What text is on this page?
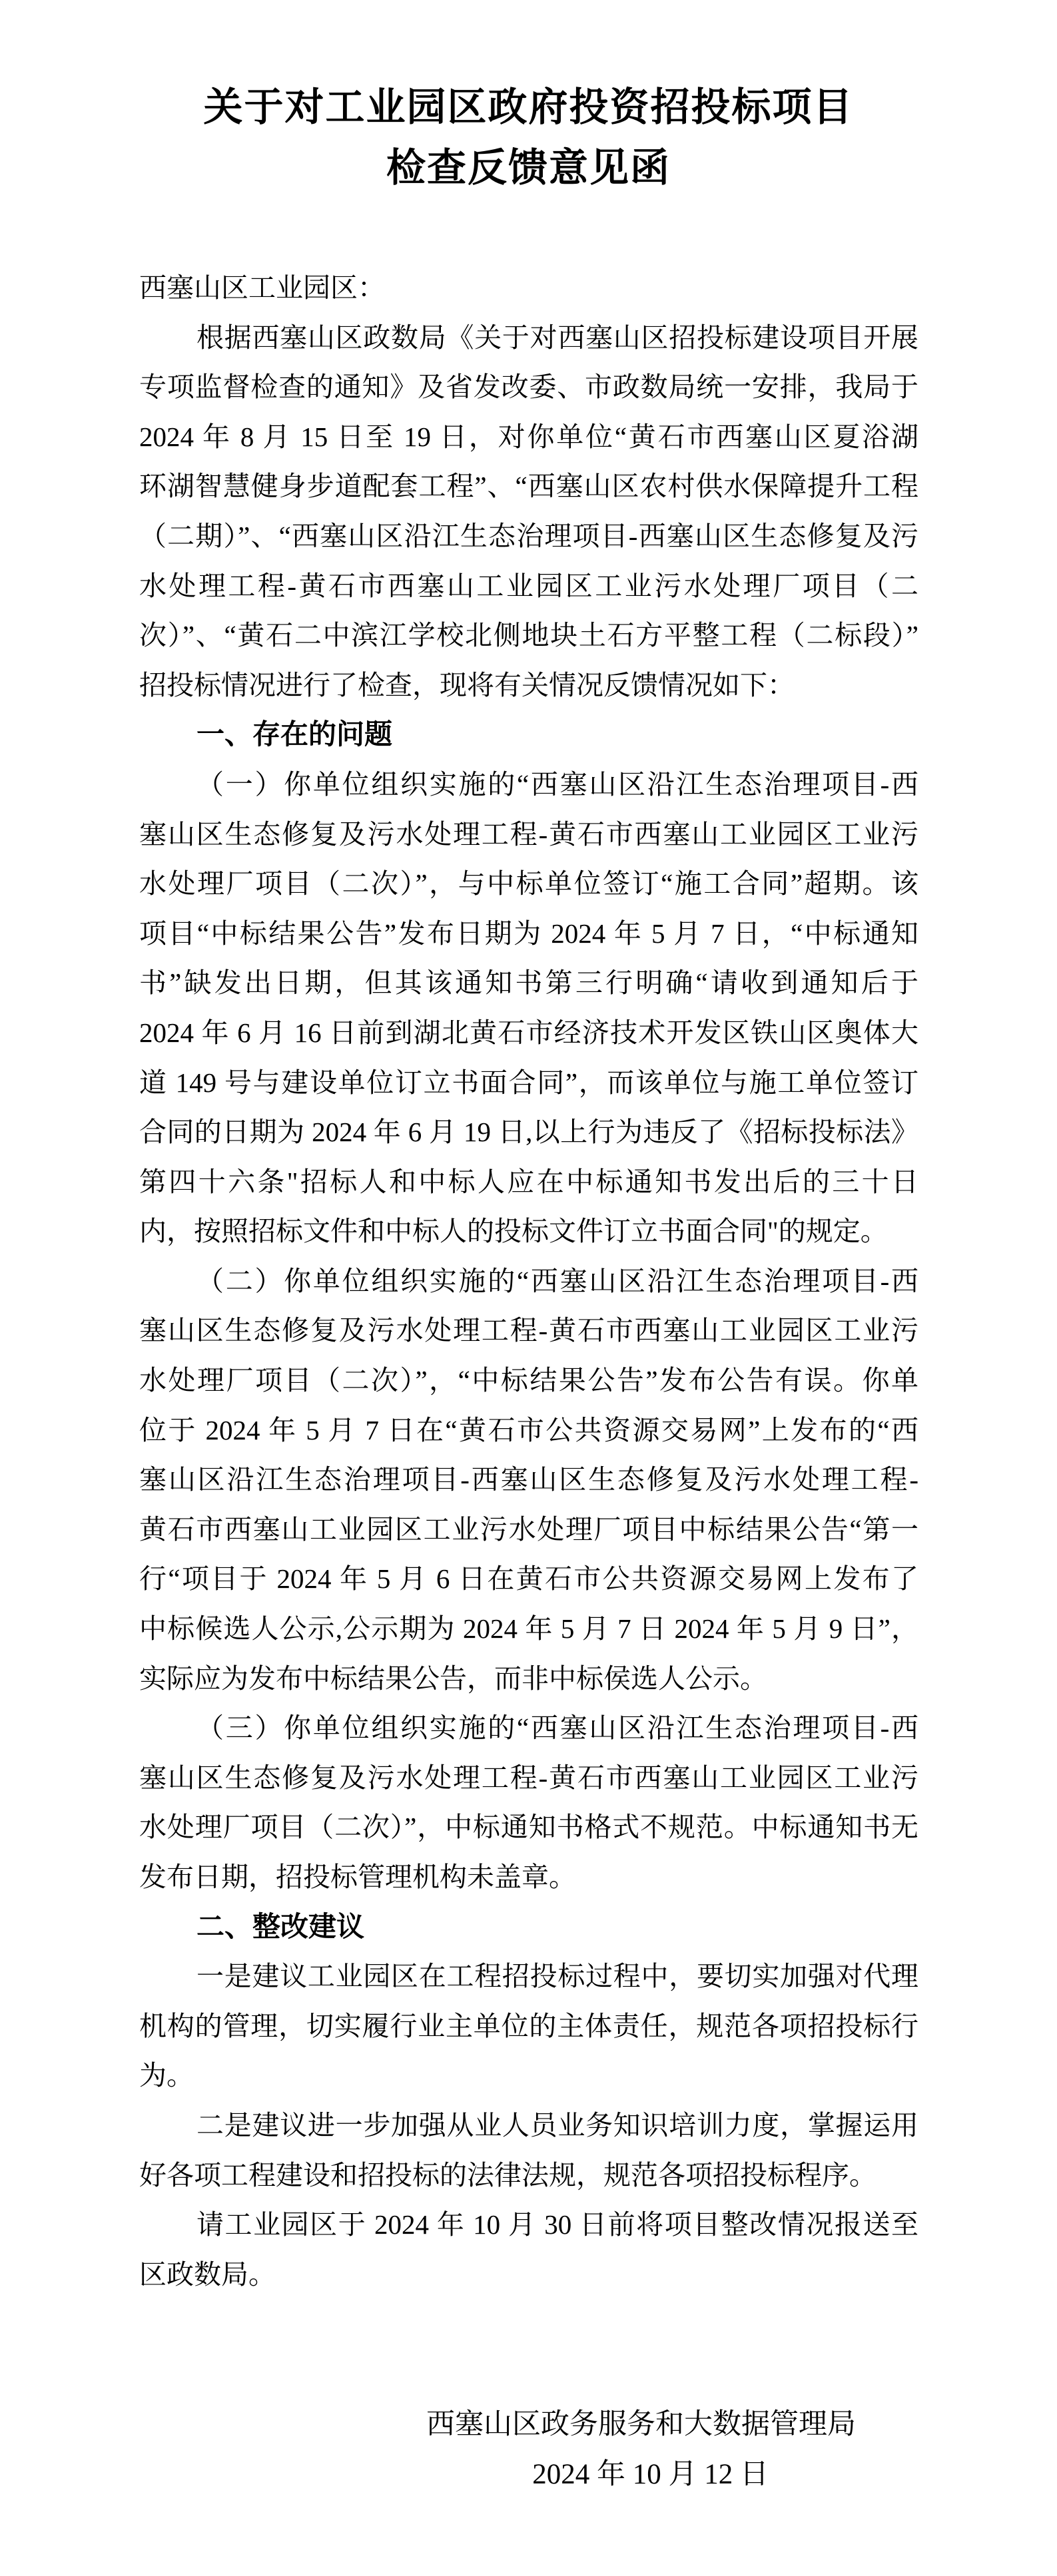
关于对工业园区政府投资招投标项目
检查反馈意见函
西塞山区工业园区：
根据西塞山区政数局《关于对西塞山区招投标建设项目开展
专项监督检查的通知》及省发改委、市政数局统一安排，我局于
2024 年 8 月 15 日至 19 日，对你单位“黄石市西塞山区夏浴湖
环湖智慧健身步道配套工程”、“西塞山区农村供水保障提升工程
（二期）”、“西塞山区沿江生态治理项目-西塞山区生态修复及污
水处理工程-黄石市西塞山工业园区工业污水处理厂项目（二
次）”、“黄石二中滨江学校北侧地块土石方平整工程（二标段）”
招投标情况进行了检查，现将有关情况反馈情况如下：
一、存在的问题
（一）你单位组织实施的“西塞山区沿江生态治理项目-西
塞山区生态修复及污水处理工程-黄石市西塞山工业园区工业污
水处理厂项目（二次）”，与中标单位签订“施工合同”超期。该
项目“中标结果公告”发布日期为 2024 年 5 月 7 日，“中标通知
书”缺发出日期，但其该通知书第三行明确“请收到通知后于
2024 年 6 月 16 日前到湖北黄石市经济技术开发区铁山区奥体大
道 149 号与建设单位订立书面合同”，而该单位与施工单位签订
合同的日期为 2024 年 6 月 19 日,以上行为违反了《招标投标法》
第四十六条"招标人和中标人应在中标通知书发出后的三十日
内，按照招标文件和中标人的投标文件订立书面合同"的规定。
（二）你单位组织实施的“西塞山区沿江生态治理项目-西
塞山区生态修复及污水处理工程-黄石市西塞山工业园区工业污
水处理厂项目（二次）”，“中标结果公告”发布公告有误。你单
位于 2024 年 5 月 7 日在“黄石市公共资源交易网”上发布的“西
塞山区沿江生态治理项目-西塞山区生态修复及污水处理工程-
黄石市西塞山工业园区工业污水处理厂项目中标结果公告“第一
行“项目于 2024 年 5 月 6 日在黄石市公共资源交易网上发布了
中标候选人公示,公示期为 2024 年 5 月 7 日 2024 年 5 月 9 日”，
实际应为发布中标结果公告，而非中标侯选人公示。
（三）你单位组织实施的“西塞山区沿江生态治理项目-西
塞山区生态修复及污水处理工程-黄石市西塞山工业园区工业污
水处理厂项目（二次）”，中标通知书格式不规范。中标通知书无
发布日期，招投标管理机构未盖章。
二、整改建议
一是建议工业园区在工程招投标过程中，要切实加强对代理
机构的管理，切实履行业主单位的主体责任，规范各项招投标行
为。
二是建议进一步加强从业人员业务知识培训力度，掌握运用
好各项工程建设和招投标的法律法规，规范各项招投标程序。
请工业园区于 2024 年 10 月 30 日前将项目整改情况报送至
区政数局。
西塞山区政务服务和大数据管理局
2024 年 10 月 12 日
